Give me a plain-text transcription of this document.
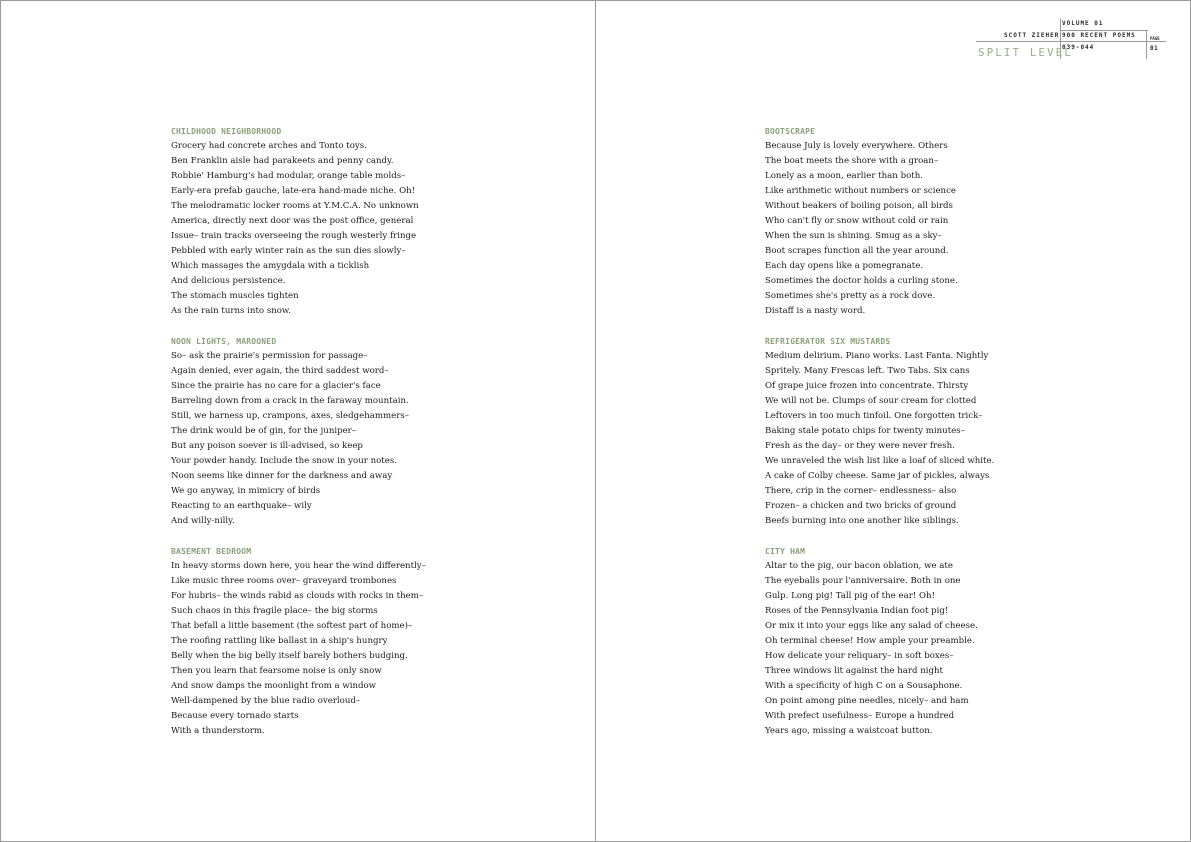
CHILDHOOD NEIGHBORHOOD
Grocery had concrete arches and Tonto toys.
Ben Franklin aisle had parakeets and penny candy.
Robbie' Hamburg's had modular, orange table molds–
Early-era prefab gauche, late-era hand-made niche. Oh!
The melodramatic locker rooms at Y.M.C.A. No unknown
America, directly next door was the post office, general
Issue– train tracks overseeing the rough westerly fringe
Pebbled with early winter rain as the sun dies slowly–
Which massages the amygdala with a ticklish
And delicious persistence.
The stomach muscles tighten
As the rain turns into snow.
NOON LIGHTS, MAROONED
So– ask the prairie's permission for passage–
Again denied, ever again, the third saddest word–
Since the prairie has no care for a glacier's face
Barreling down from a crack in the faraway mountain.
Still, we harness up, crampons, axes, sledgehammers–
The drink would be of gin, for the juniper–
But any poison soever is ill-advised, so keep
Your powder handy. Include the snow in your notes.
Noon seems like dinner for the darkness and away
We go anyway, in mimicry of birds
Reacting to an earthquake– wily
And willy-nilly.
BASEMENT BEDROOM
In heavy storms down here, you hear the wind differently–
Like music three rooms over– graveyard trombones
For hubris– the winds rabid as clouds with rocks in them–
Such chaos in this fragile place– the big storms
That befall a little basement (the softest part of home)–
The roofing rattling like ballast in a ship's hungry
Belly when the big belly itself barely bothers budging.
Then you learn that fearsome noise is only snow
And snow damps the moonlight from a window
Well-dampened by the blue radio overloud–
Because every tornado starts
With a thunderstorm.
VOLUME 01
SCOTT ZIEHER 900 RECENT POEMS
039-044
SPLIT LEVEL
PAGE
01
BOOTSCRAPE
Because July is lovely everywhere. Others
The boat meets the shore with a groan–
Lonely as a moon, earlier than both.
Like arithmetic without numbers or science
Without beakers of boiling poison, all birds
Who can't fly or snow without cold or rain
When the sun is shining. Smug as a sky–
Boot scrapes function all the year around.
Each day opens like a pomegranate.
Sometimes the doctor holds a curling stone.
Sometimes she's pretty as a rock dove.
Distaff is a nasty word.
REFRIGERATOR SIX MUSTARDS
Medium delirium. Piano works. Last Fanta. Nightly
Spritely. Many Frescas left. Two Tabs. Six cans
Of grape juice frozen into concentrate. Thirsty
We will not be. Clumps of sour cream for clotted
Leftovers in too much tinfoil. One forgotten trick–
Baking stale potato chips for twenty minutes–
Fresh as the day– or they were never fresh.
We unraveled the wish list like a loaf of sliced white.
A cake of Colby cheese. Same jar of pickles, always
There, crip in the corner– endlessness– also
Frozen– a chicken and two bricks of ground
Beefs burning into one another like siblings.
CITY HAM
Altar to the pig, our bacon oblation, we ate
The eyeballs pour l'anniversaire. Both in one
Gulp. Long pig! Tall pig of the ear! Oh!
Roses of the Pennsylvania Indian foot pig!
Or mix it into your eggs like any salad of cheese.
Oh terminal cheese! How ample your preamble.
How delicate your reliquary– in soft boxes–
Three windows lit against the hard night
With a specificity of high C on a Sousaphone.
On point among pine needles, nicely– and ham
With prefect usefulness– Europe a hundred
Years ago, missing a waistcoat button.
